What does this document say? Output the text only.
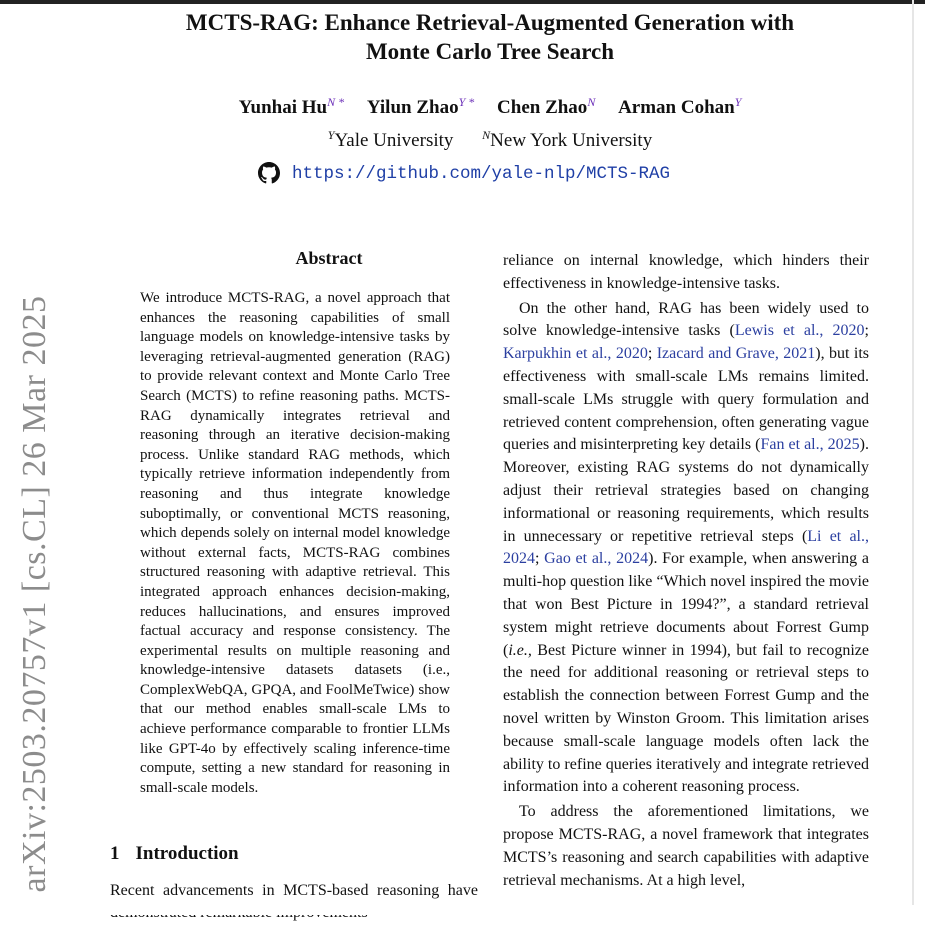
MCTS-RAG: Enhance Retrieval-Augmented Generation with
Monte Carlo Tree Search
Yunhai $Hu^{N *}$ Yilun Zhao$^{Y *}$ Chen Zhao$^N$ Arman Cohan$^Y$
$^Y$Yale University $^N$New York University
https://github.com/yale-nlp/MCTS-RAG
arXiv:2503.20757v1 [cs.CL] 26 Mar 2025
Abstract
We introduce MCTS-RAG, a novel approach that enhances the reasoning capabilities of small language models on knowledge-intensive tasks by leveraging retrieval-augmented generation (RAG) to provide relevant context and Monte Carlo Tree Search (MCTS) to refine reasoning paths. MCTS-RAG dynamically integrates retrieval and reasoning through an iterative decision-making process. Unlike standard RAG methods, which typically retrieve information independently from reasoning and thus integrate knowledge suboptimally, or conventional MCTS reasoning, which depends solely on internal model knowledge without external facts, MCTS-RAG combines structured reasoning with adaptive retrieval. This integrated approach enhances decision-making, reduces hallucinations, and ensures improved factual accuracy and response consistency. The experimental results on multiple reasoning and knowledge-intensive datasets datasets (i.e., ComplexWebQA, GPQA, and FoolMeTwice) show that our method enables small-scale LMs to achieve performance comparable to frontier LLMs like GPT-4o by effectively scaling inference-time compute, setting a new standard for reasoning in small-scale models.
1 Introduction
Recent advancements in MCTS-based reasoning have

reliance on internal knowledge, which hinders their effectiveness in knowledge-intensive tasks.

On the other hand, RAG has been widely used to solve knowledge-intensive tasks (Lewis et al., 2020; Karpukhin et al., 2020; Izacard and Grave, 2021), but its effectiveness with small-scale LMs remains limited. small-scale LMs struggle with query formulation and retrieved content comprehension, often generating vague queries and misinterpreting key details (Fan et al., 2025). Moreover, existing RAG systems do not dynamically adjust their retrieval strategies based on changing informational or reasoning requirements, which results in unnecessary or repetitive retrieval steps (Li et al., 2024; Gao et al., 2024). For example, when answering a multi-hop question like “Which novel inspired the movie that won Best Picture in 1994?”, a standard retrieval system might retrieve documents about Forrest Gump (i.e., Best Picture winner in 1994), but fail to recognize the need for additional reasoning or retrieval steps to establish the connection between Forrest Gump and the novel written by Winston Groom. This limitation arises because small-scale language models often lack the ability to refine queries iteratively and integrate retrieved information into a coherent reasoning process.

To address the aforementioned limitations, we propose MCTS-RAG, a novel framework that integrates MCTS’s reasoning and search capabilities with adaptive retrieval mechanisms. At a high level,
